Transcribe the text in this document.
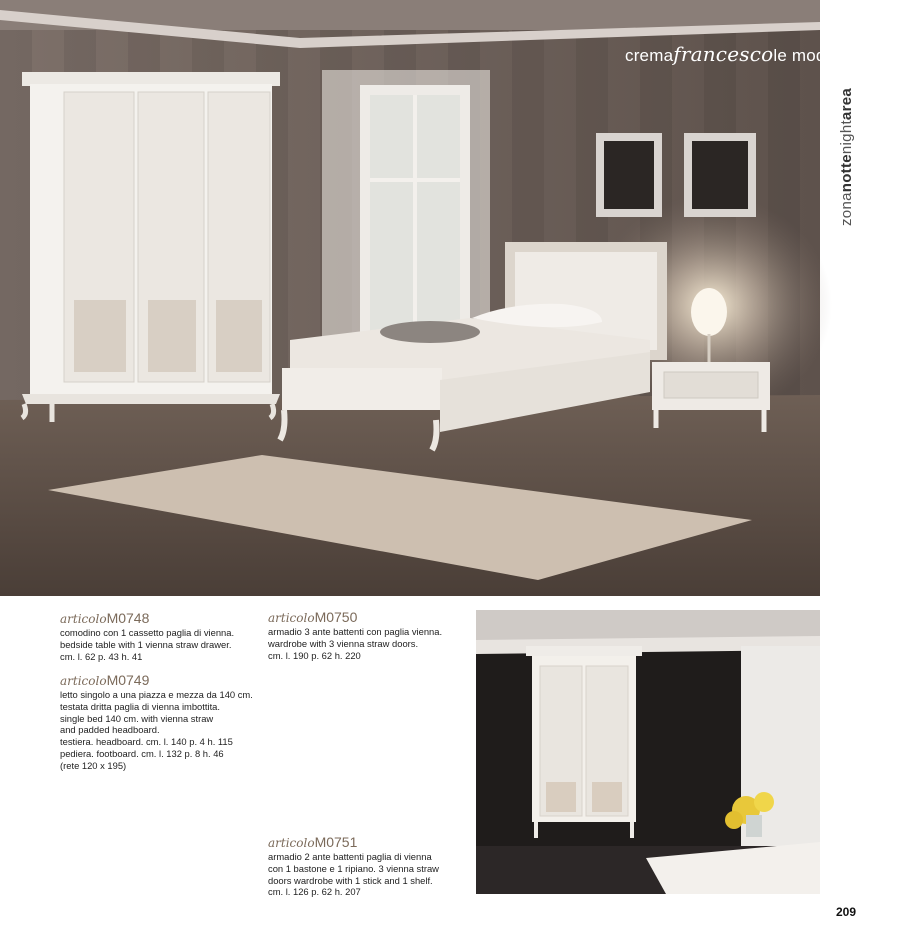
cremafrancescole modé
zonanottenightarea
articoloM0748

comodino con 1 cassetto paglia di vienna.
bedside table with 1 vienna straw drawer.
cm. l. 62 p. 43 h. 41

articoloM0749

letto singolo a una piazza e mezza da 140 cm.
testata dritta paglia di vienna imbottita.
single bed 140 cm. with vienna straw
and padded headboard.
testiera. headboard. cm. l. 140 p. 4 h. 115
pediera. footboard. cm. l. 132 p. 8 h. 46
(rete 120 x 195)

articoloM0750

armadio 3 ante battenti con paglia vienna.
wardrobe with 3 vienna straw doors.
cm. l. 190 p. 62 h. 220

articoloM0751

armadio 2 ante battenti paglia di vienna
con 1 bastone e 1 ripiano. 3 vienna straw
doors wardrobe with 1 stick and 1 shelf.
cm. l. 126 p. 62 h. 207

209
